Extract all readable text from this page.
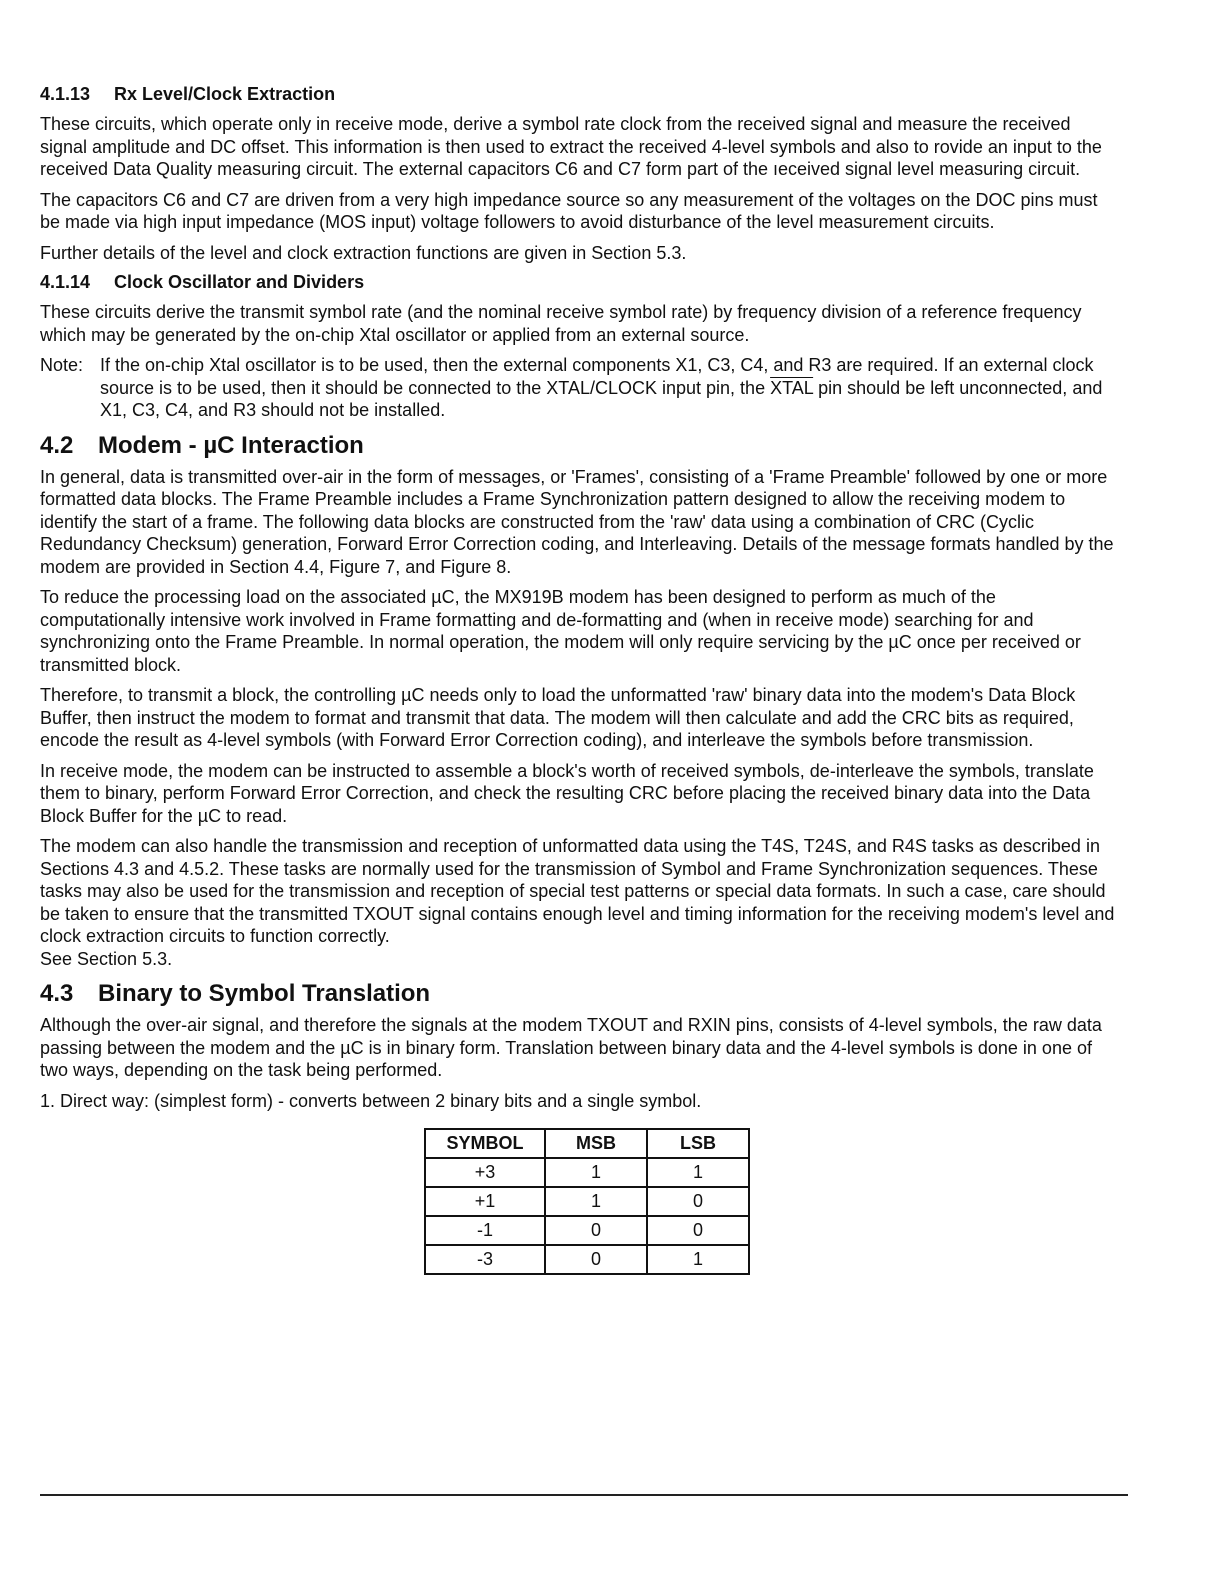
4.1.13 Rx Level/Clock Extraction

These circuits, which operate only in receive mode, derive a symbol rate clock from the received signal and measure the received signal amplitude and DC offset. This information is then used to extract the received 4-level symbols and also to rovide an input to the received Data Quality measuring circuit. The external capacitors C6 and C7 form part of the ıeceived signal level measuring circuit.

The capacitors C6 and C7 are driven from a very high impedance source so any measurement of the voltages on the DOC pins must be made via high input impedance (MOS input) voltage followers to avoid disturbance of the level measurement circuits.

Further details of the level and clock extraction functions are given in Section 5.3.

4.1.14 Clock Oscillator and Dividers

These circuits derive the transmit symbol rate (and the nominal receive symbol rate) by frequency division of a reference frequency which may be generated by the on-chip Xtal oscillator or applied from an external source.

Note: If the on-chip Xtal oscillator is to be used, then the external components X1, C3, C4, and R3 are required. If an external clock source is to be used, then it should be connected to the XTAL/CLOCK input pin, the XTAL pin should be left unconnected, and X1, C3, C4, and R3 should not be installed.
4.2 Modem - µC Interaction

In general, data is transmitted over-air in the form of messages, or 'Frames', consisting of a 'Frame Preamble' followed by one or more formatted data blocks. The Frame Preamble includes a Frame Synchronization pattern designed to allow the receiving modem to identify the start of a frame. The following data blocks are constructed from the 'raw' data using a combination of CRC (Cyclic Redundancy Checksum) generation, Forward Error Correction coding, and Interleaving. Details of the message formats handled by the modem are provided in Section 4.4, Figure 7, and Figure 8.

To reduce the processing load on the associated µC, the MX919B modem has been designed to perform as much of the computationally intensive work involved in Frame formatting and de-formatting and (when in receive mode) searching for and synchronizing onto the Frame Preamble. In normal operation, the modem will only require servicing by the µC once per received or transmitted block.

Therefore, to transmit a block, the controlling µC needs only to load the unformatted 'raw' binary data into the modem's Data Block Buffer, then instruct the modem to format and transmit that data. The modem will then calculate and add the CRC bits as required, encode the result as 4-level symbols (with Forward Error Correction coding), and interleave the symbols before transmission.

In receive mode, the modem can be instructed to assemble a block's worth of received symbols, de-interleave the symbols, translate them to binary, perform Forward Error Correction, and check the resulting CRC before placing the received binary data into the Data Block Buffer for the µC to read.

The modem can also handle the transmission and reception of unformatted data using the T4S, T24S, and R4S tasks as described in Sections 4.3 and 4.5.2. These tasks are normally used for the transmission of Symbol and Frame Synchronization sequences. These tasks may also be used for the transmission and reception of special test patterns or special data formats. In such a case, care should be taken to ensure that the transmitted TXOUT signal contains enough level and timing information for the receiving modem's level and clock extraction circuits to function correctly.

See Section 5.3.

4.3 Binary to Symbol Translation

Although the over-air signal, and therefore the signals at the modem TXOUT and RXIN pins, consists of 4-level symbols, the raw data passing between the modem and the µC is in binary form. Translation between binary data and the 4-level symbols is done in one of two ways, depending on the task being performed.

1. Direct way: (simplest form) - converts between 2 binary bits and a single symbol.

SYMBOL	MSB	LSB
+3	1	1
+1	1	0
-1	0	0
-3	0	1
